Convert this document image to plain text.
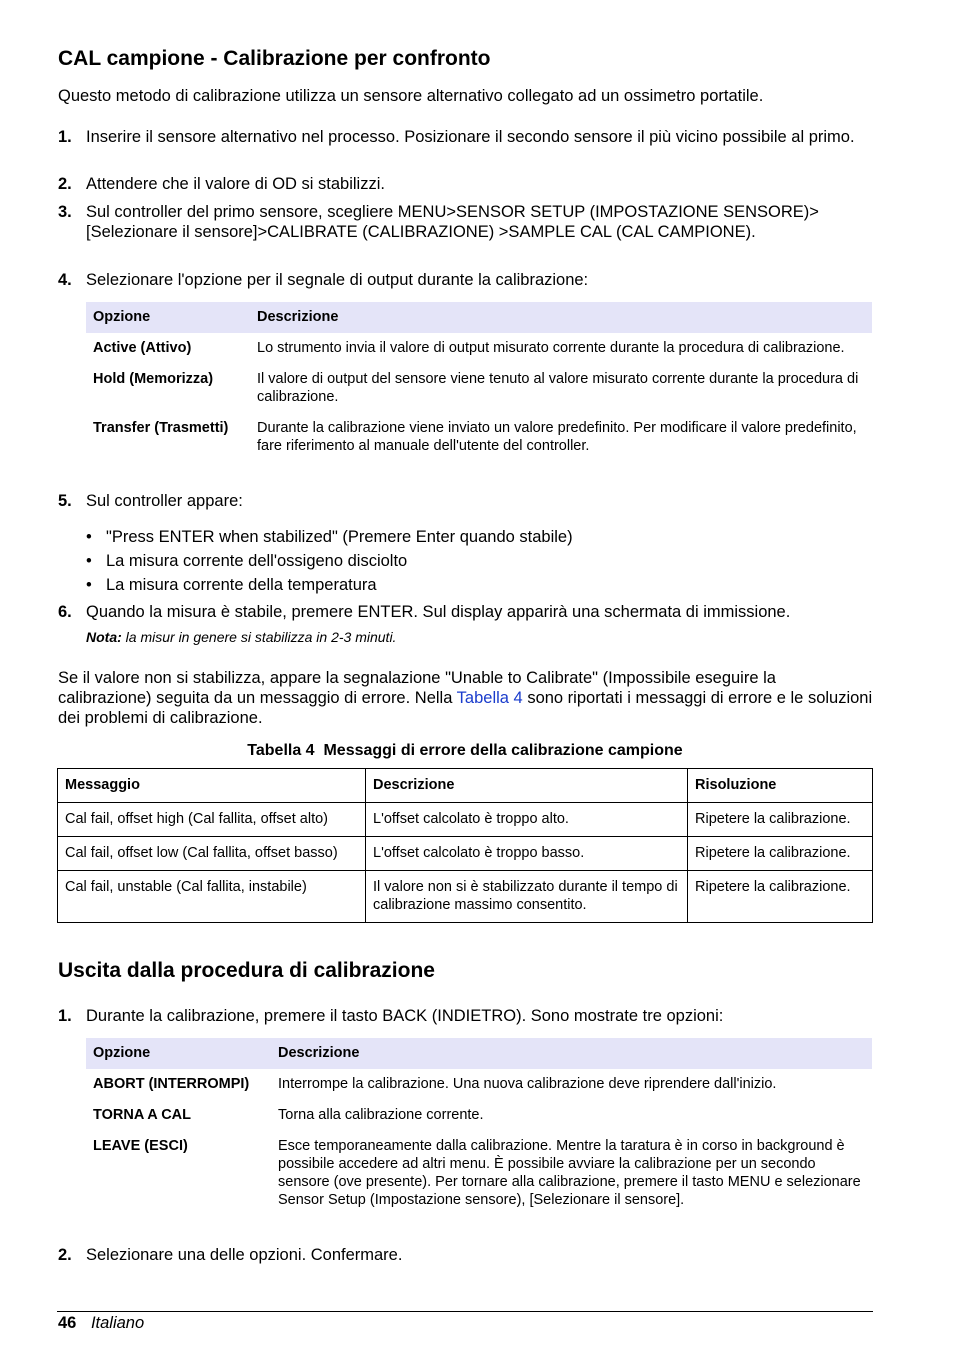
CAL campione - Calibrazione per confronto
Questo metodo di calibrazione utilizza un sensore alternativo collegato ad un ossimetro portatile.
1. Inserire il sensore alternativo nel processo. Posizionare il secondo sensore il più vicino possibile al primo.
2. Attendere che il valore di OD si stabilizzi.
3. Sul controller del primo sensore, scegliere MENU>SENSOR SETUP (IMPOSTAZIONE SENSORE)>[Selezionare il sensore]>CALIBRATE (CALIBRAZIONE) >SAMPLE CAL (CAL CAMPIONE).
4. Selezionare l'opzione per il segnale di output durante la calibrazione:
Opzione	Descrizione
Active (Attivo)	Lo strumento invia il valore di output misurato corrente durante la procedura di calibrazione.
Hold (Memorizza)	Il valore di output del sensore viene tenuto al valore misurato corrente durante la procedura di calibrazione.
Transfer (Trasmetti)	Durante la calibrazione viene inviato un valore predefinito. Per modificare il valore predefinito, fare riferimento al manuale dell'utente del controller.
5. Sul controller appare:
• "Press ENTER when stabilized" (Premere Enter quando stabile)
• La misura corrente dell'ossigeno disciolto
• La misura corrente della temperatura
6. Quando la misura è stabile, premere ENTER. Sul display apparirà una schermata di immissione.
Nota: la misur in genere si stabilizza in 2-3 minuti.
Se il valore non si stabilizza, appare la segnalazione "Unable to Calibrate" (Impossibile eseguire la calibrazione) seguita da un messaggio di errore. Nella Tabella 4 sono riportati i messaggi di errore e le soluzioni dei problemi di calibrazione.
Tabella 4  Messaggi di errore della calibrazione campione
Messaggio	Descrizione	Risoluzione
Cal fail, offset high (Cal fallita, offset alto)	L'offset calcolato è troppo alto.	Ripetere la calibrazione.
Cal fail, offset low (Cal fallita, offset basso)	L'offset calcolato è troppo basso.	Ripetere la calibrazione.
Cal fail, unstable (Cal fallita, instabile)	Il valore non si è stabilizzato durante il tempo di calibrazione massimo consentito.	Ripetere la calibrazione.
Uscita dalla procedura di calibrazione
1. Durante la calibrazione, premere il tasto BACK (INDIETRO). Sono mostrate tre opzioni:
Opzione	Descrizione
ABORT (INTERROMPI)	Interrompe la calibrazione. Una nuova calibrazione deve riprendere dall'inizio.
TORNA A CAL	Torna alla calibrazione corrente.
LEAVE (ESCI)	Esce temporaneamente dalla calibrazione. Mentre la taratura è in corso in background è possibile accedere ad altri menu. È possibile avviare la calibrazione per un secondo sensore (ove presente). Per tornare alla calibrazione, premere il tasto MENU e selezionare Sensor Setup (Impostazione sensore), [Selezionare il sensore].
2. Selezionare una delle opzioni. Confermare.
46 Italiano
